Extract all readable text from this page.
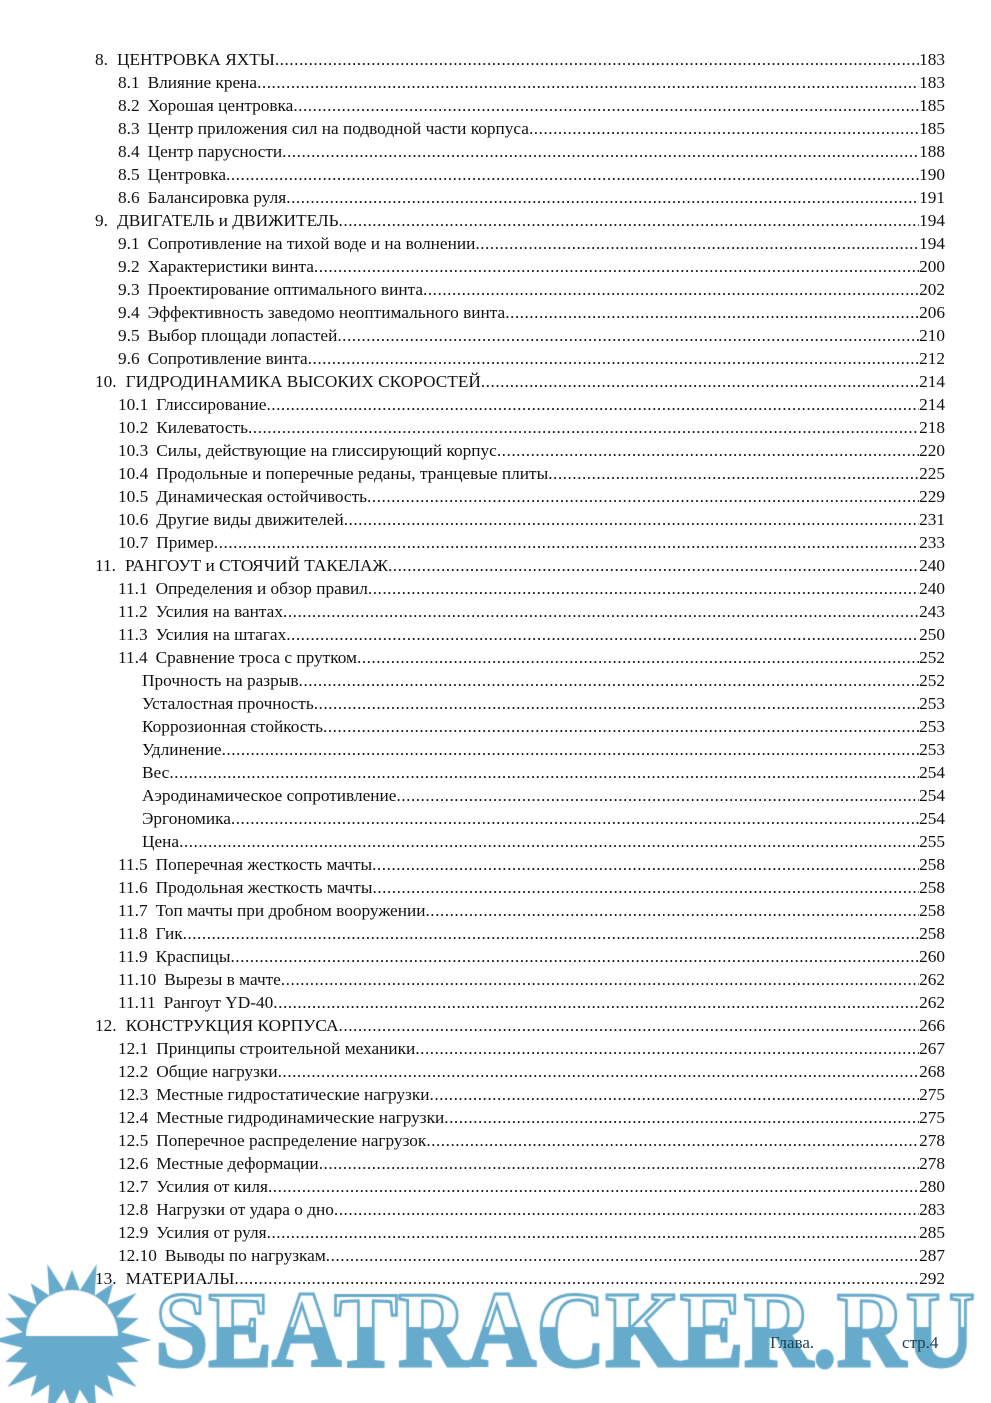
8. ЦЕНТРОВКА ЯХТЫ .....	183
8.1 Влияние крена .....	183
8.2 Хорошая центровка .....	185
8.3 Центр приложения сил на подводной части корпуса .....	185
8.4 Центр парусности .....	188
8.5 Центровка .....	190
8.6 Балансировка руля .....	191
9. ДВИГАТЕЛЬ и ДВИЖИТЕЛЬ .....	194
9.1 Сопротивление на тихой воде и на волнении .....	194
9.2 Характеристики винта .....	200
9.3 Проектирование оптимального винта .....	202
9.4 Эффективность заведомо неоптимального винта .....	206
9.5 Выбор площади лопастей .....	210
9.6 Сопротивление винта .....	212
10. ГИДРОДИНАМИКА ВЫСОКИХ СКОРОСТЕЙ .....	214
10.1 Глиссирование .....	214
10.2 Килеватость .....	218
10.3 Силы, действующие на глиссирующий корпус .....	220
10.4 Продольные и поперечные реданы, транцевые плиты .....	225
10.5 Динамическая остойчивость .....	229
10.6 Другие виды движителей .....	231
10.7 Пример .....	233
11. РАНГОУТ и СТОЯЧИЙ ТАКЕЛАЖ .....	240
11.1 Определения и обзор правил .....	240
11.2 Усилия на вантах .....	243
11.3 Усилия на штагах .....	250
11.4 Сравнение троса с прутком .....	252
Прочность на разрыв .....	252
Усталостная прочность .....	253
Коррозионная стойкость .....	253
Удлинение .....	253
Вес .....	254
Аэродинамическое сопротивление .....	254
Эргономика .....	254
Цена .....	255
11.5 Поперечная жесткость мачты .....	258
11.6 Продольная жесткость мачты .....	258
11.7 Топ мачты при дробном вооружении .....	258
11.8 Гик .....	258
11.9 Краспицы .....	260
11.10 Вырезы в мачте .....	262
11.11 Рангоут YD-40 .....	262
12. КОНСТРУКЦИЯ КОРПУСА .....	266
12.1 Принципы строительной механики .....	267
12.2 Общие нагрузки .....	268
12.3 Местные гидростатические нагрузки .....	275
12.4 Местные гидродинамические нагрузки .....	275
12.5 Поперечное распределение нагрузок .....	278
12.6 Местные деформации .....	278
12.7 Усилия от киля .....	280
12.8 Нагрузки от удара о дно .....	283
12.9 Усилия от руля .....	285
12.10 Выводы по нагрузкам .....	287
13. МАТЕРИАЛЫ .....	292
Глава.	стр.4
